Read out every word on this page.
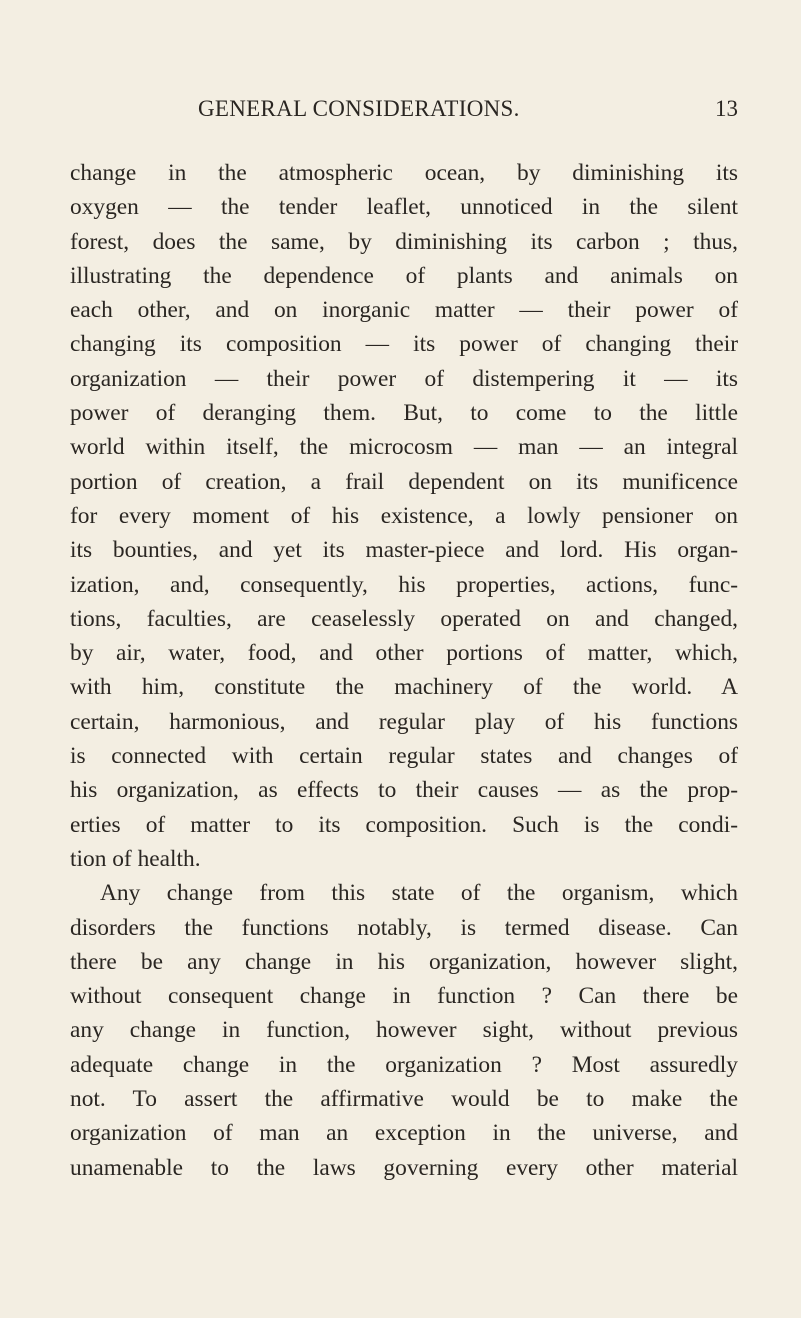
GENERAL CONSIDERATIONS.	13
change in the atmospheric ocean, by diminishing its
oxygen — the tender leaflet, unnoticed in the silent
forest, does the same, by diminishing its carbon ; thus,
illustrating the dependence of plants and animals on
each other, and on inorganic matter — their power of
changing its composition — its power of changing their
organization — their power of distempering it — its
power of deranging them. But, to come to the little
world within itself, the microcosm — man — an integral
portion of creation, a frail dependent on its munificence
for every moment of his existence, a lowly pensioner on
its bounties, and yet its master-piece and lord. His organ-
ization, and, consequently, his properties, actions, func-
tions, faculties, are ceaselessly operated on and changed,
by air, water, food, and other portions of matter, which,
with him, constitute the machinery of the world. A
certain, harmonious, and regular play of his functions
is connected with certain regular states and changes of
his organization, as effects to their causes — as the prop-
erties of matter to its composition. Such is the condi-
tion of health.
Any change from this state of the organism, which
disorders the functions notably, is termed disease. Can
there be any change in his organization, however slight,
without consequent change in function ? Can there be
any change in function, however sight, without previous
adequate change in the organization ? Most assuredly
not. To assert the affirmative would be to make the
organization of man an exception in the universe, and
unamenable to the laws governing every other material
